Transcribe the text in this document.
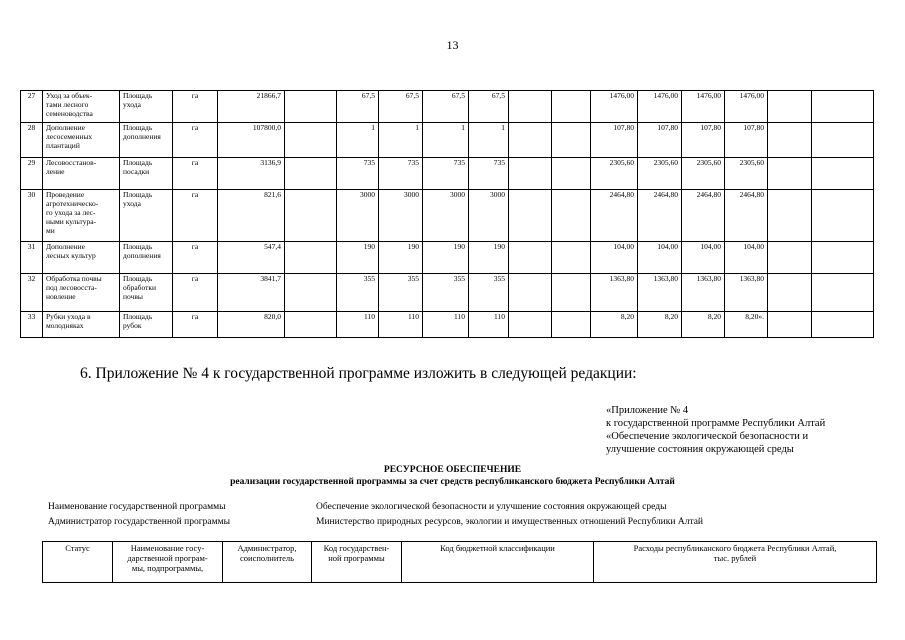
13
27	Уход за объек-
тами лесного
семеноводства	Площадь
ухода	га	21866,7		67,5	67,5	67,5	67,5			1476,00	1476,00	1476,00	1476,00		
28	Дополнение
лесосеменных
плантаций	Площадь
дополнения	га	107800,0		1	1	1	1			107,80	107,80	107,80	107,80		
29	Лесовосстанов-
ление	Площадь
посадки	га	3136,9		735	735	735	735			2305,60	2305,60	2305,60	2305,60		
30	Проведение
агротехническо-
го ухода за лес-
ными культура-
ми	Площадь
ухода	га	821,6		3000	3000	3000	3000			2464,80	2464,80	2464,80	2464,80		
31	Дополнение
лесных культур	Площадь
дополнения	га	547,4		190	190	190	190			104,00	104,00	104,00	104,00		
32	Обработка почвы
под лесовосста-
новление	Площадь
обработки
почвы	га	3841,7		355	355	355	355			1363,80	1363,80	1363,80	1363,80		
33	Рубки ухода в
молодняках	Площадь
рубок	га	820,0		110	110	110	110			8,20	8,20	8,20	8,20».		
6. Приложение № 4 к государственной программе изложить в следующей редакции:
«Приложение № 4
к государственной программе Республики Алтай
«Обеспечение экологической безопасности и
улучшение состояния окружающей среды
РЕСУРСНОЕ ОБЕСПЕЧЕНИЕ
реализации государственной программы за счет средств республиканского бюджета Республики Алтай
Наименование государственной программы	Обеспечение экологической безопасности и улучшение состояния окружающей среды
Администратор государственной программы	Министерство природных ресурсов, экологии и имущественных отношений Республики Алтай
Статус	Наименование госу-
дарственной програм-
мы, подпрограммы,	Администратор,
соисполнитель	Код государствен-
ной программы	Код бюджетной классификации	Расходы республиканского бюджета Республики Алтай,
тыс. рублей
